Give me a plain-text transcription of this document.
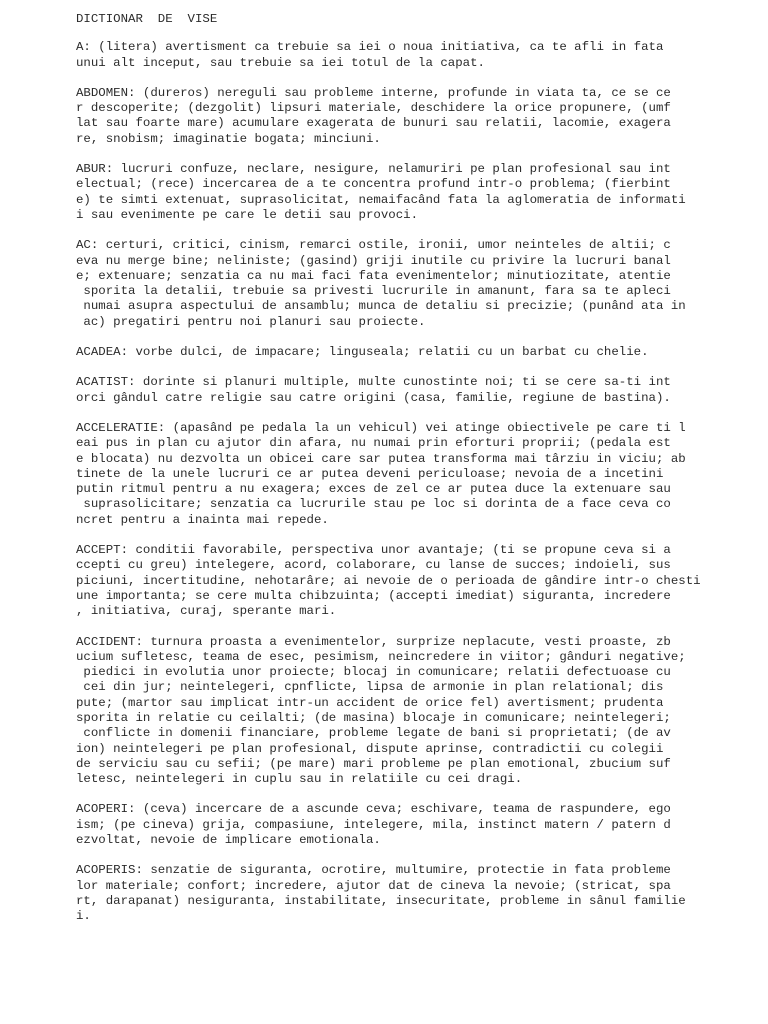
DICTIONAR  DE  VISE
A: (litera) avertisment ca trebuie sa iei o noua initiativa, ca te afli in fata
unui alt inceput, sau trebuie sa iei totul de la capat.
ABDOMEN: (dureros) nereguli sau probleme interne, profunde in viata ta, ce se ce
r descoperite; (dezgolit) lipsuri materiale, deschidere la orice propunere, (umf
lat sau foarte mare) acumulare exagerata de bunuri sau relatii, lacomie, exagera
re, snobism; imaginatie bogata; minciuni.
ABUR: lucruri confuze, neclare, nesigure, nelamuriri pe plan profesional sau int
electual; (rece) incercarea de a te concentra profund intr-o problema; (fierbint
e) te simti extenuat, suprasolicitat, nemaifacând fata la aglomeratia de informati
i sau evenimente pe care le detii sau provoci.
AC: certuri, critici, cinism, remarci ostile, ironii, umor neinteles de altii; c
eva nu merge bine; neliniste; (gasind) griji inutile cu privire la lucruri banal
e; extenuare; senzatia ca nu mai faci fata evenimentelor; minutiozitate, atentie
sporita la detalii, trebuie sa privesti lucrurile in amanunt, fara sa te apleci
numai asupra aspectului de ansamblu; munca de detaliu si precizie; (punând ata in
ac) pregatiri pentru noi planuri sau proiecte.
ACADEA: vorbe dulci, de impacare; linguseala; relatii cu un barbat cu chelie.
ACATIST: dorinte si planuri multiple, multe cunostinte noi; ti se cere sa-ti int
orci gândul catre religie sau catre origini (casa, familie, regiune de bastina).
ACCELERATIE: (apasând pe pedala la un vehicul) vei atinge obiectivele pe care ti l
eai pus in plan cu ajutor din afara, nu numai prin eforturi proprii; (pedala est
e blocata) nu dezvolta un obicei care sar putea transforma mai târziu in viciu; ab
tinete de la unele lucruri ce ar putea deveni periculoase; nevoia de a incetini
putin ritmul pentru a nu exagera; exces de zel ce ar putea duce la extenuare sau
suprasolicitare; senzatia ca lucrurile stau pe loc si dorinta de a face ceva co
ncret pentru a inainta mai repede.
ACCEPT: conditii favorabile, perspectiva unor avantaje; (ti se propune ceva si a
ccepti cu greu) intelegere, acord, colaborare, cu lanse de succes; indoieli, sus
piciuni, incertitudine, nehotarâre; ai nevoie de o perioada de gândire intr-o chesti
une importanta; se cere multa chibzuinta; (accepti imediat) siguranta, incredere
, initiativa, curaj, sperante mari.
ACCIDENT: turnura proasta a evenimentelor, surprize neplacute, vesti proaste, zb
ucium sufletesc, teama de esec, pesimism, neincredere in viitor; gânduri negative;
piedici in evolutia unor proiecte; blocaj in comunicare; relatii defectuoase cu
cei din jur; neintelegeri, cpnflicte, lipsa de armonie in plan relational; dis
pute; (martor sau implicat intr-un accident de orice fel) avertisment; prudenta
sporita in relatie cu ceilalti; (de masina) blocaje in comunicare; neintelegeri;
conflicte in domenii financiare, probleme legate de bani si proprietati; (de av
ion) neintelegeri pe plan profesional, dispute aprinse, contradictii cu colegii
de serviciu sau cu sefii; (pe mare) mari probleme pe plan emotional, zbucium suf
letesc, neintelegeri in cuplu sau in relatiile cu cei dragi.
ACOPERI: (ceva) incercare de a ascunde ceva; eschivare, teama de raspundere, ego
ism; (pe cineva) grija, compasiune, intelegere, mila, instinct matern / patern d
ezvoltat, nevoie de implicare emotionala.
ACOPERIS: senzatie de siguranta, ocrotire, multumire, protectie in fata probleme
lor materiale; confort; incredere, ajutor dat de cineva la nevoie; (stricat, spa
rt, darapanat) nesiguranta, instabilitate, insecuritate, probleme in sânul familie
i.
